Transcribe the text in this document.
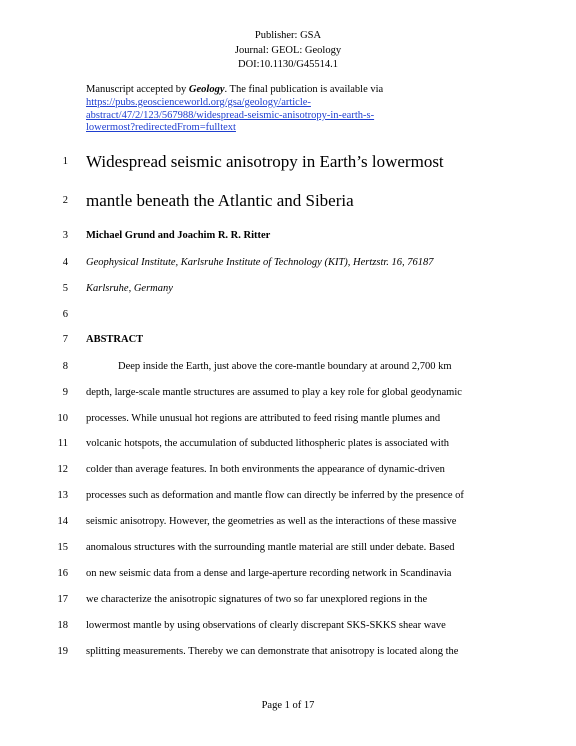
Publisher: GSA
Journal: GEOL: Geology
DOI:10.1130/G45514.1
Manuscript accepted by Geology. The final publication is available via
https://pubs.geoscienceworld.org/gsa/geology/article-
abstract/47/2/123/567988/widespread-seismic-anisotropy-in-earth-s-
lowermost?redirectedFrom=fulltext
1 Widespread seismic anisotropy in Earth’s lowermost
2 mantle beneath the Atlantic and Siberia
3 Michael Grund and Joachim R. R. Ritter
4 Geophysical Institute, Karlsruhe Institute of Technology (KIT), Hertzstr. 16, 76187
5 Karlsruhe, Germany
6
7 ABSTRACT
8	Deep inside the Earth, just above the core-mantle boundary at around 2,700 km
9 depth, large-scale mantle structures are assumed to play a key role for global geodynamic
10 processes. While unusual hot regions are attributed to feed rising mantle plumes and
11 volcanic hotspots, the accumulation of subducted lithospheric plates is associated with
12 colder than average features. In both environments the appearance of dynamic-driven
13 processes such as deformation and mantle flow can directly be inferred by the presence of
14 seismic anisotropy. However, the geometries as well as the interactions of these massive
15 anomalous structures with the surrounding mantle material are still under debate. Based
16 on new seismic data from a dense and large-aperture recording network in Scandinavia
17 we characterize the anisotropic signatures of two so far unexplored regions in the
18 lowermost mantle by using observations of clearly discrepant SKS-SKKS shear wave
19 splitting measurements. Thereby we can demonstrate that anisotropy is located along the
Page 1 of 17
